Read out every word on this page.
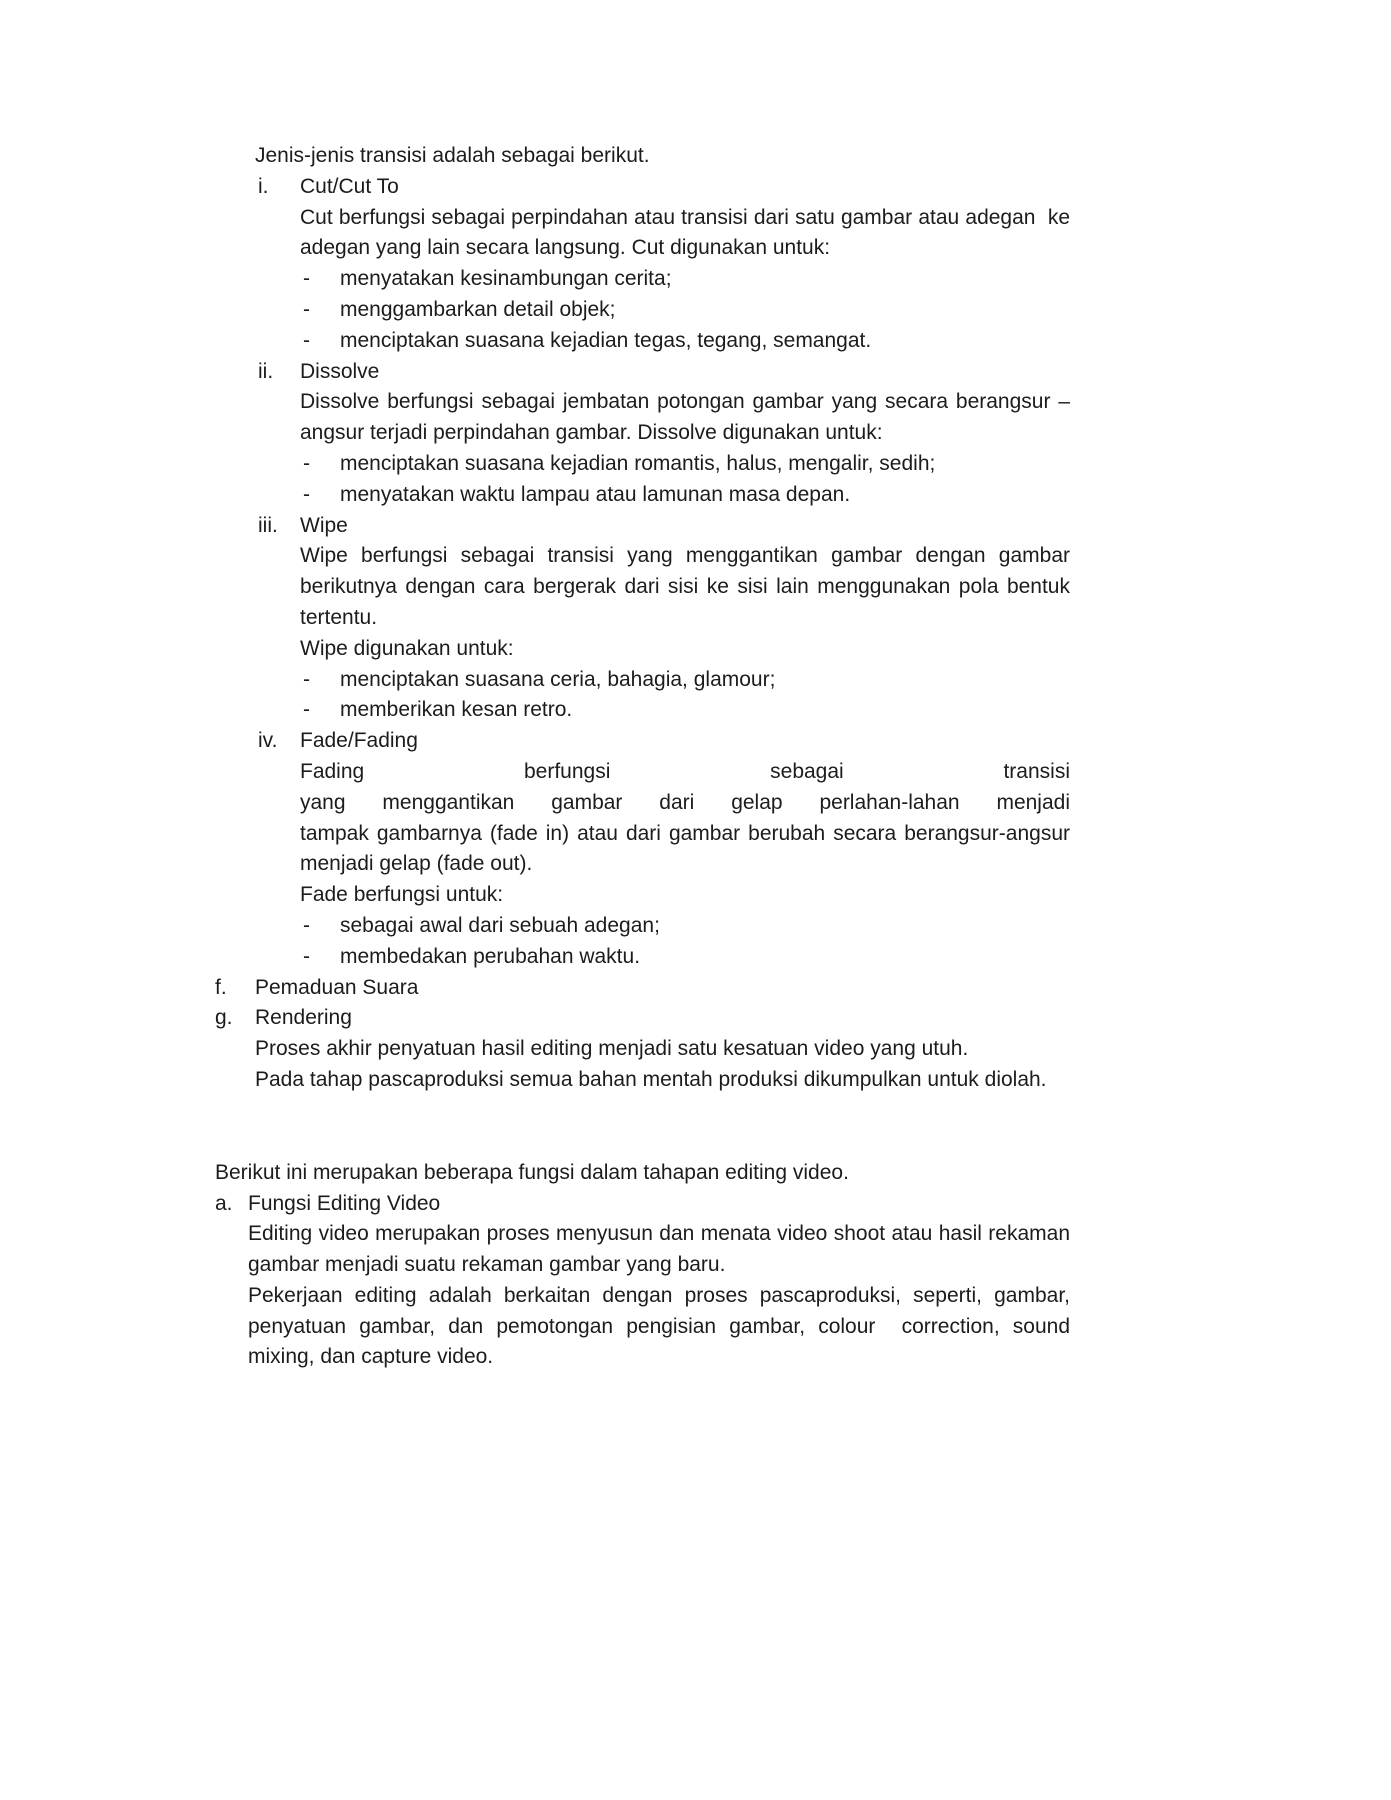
Jenis-jenis transisi adalah sebagai berikut.
i.	Cut/Cut To
Cut berfungsi sebagai perpindahan atau transisi dari satu gambar atau adegan  ke adegan yang lain secara langsung. Cut digunakan untuk:
-	menyatakan kesinambungan cerita;
-	menggambarkan detail objek;
-	menciptakan suasana kejadian tegas, tegang, semangat.
ii.	Dissolve
Dissolve berfungsi sebagai jembatan potongan gambar yang secara berangsur – angsur terjadi perpindahan gambar. Dissolve digunakan untuk:
-	menciptakan suasana kejadian romantis, halus, mengalir, sedih;
-	menyatakan waktu lampau atau lamunan masa depan.
iii.	Wipe
Wipe berfungsi sebagai transisi yang menggantikan gambar dengan gambar berikutnya dengan cara bergerak dari sisi ke sisi lain menggunakan pola bentuk tertentu.
Wipe digunakan untuk:
-	menciptakan suasana ceria, bahagia, glamour;
-	memberikan kesan retro.
iv.	Fade/Fading
Fading berfungsi sebagai transisi
yang menggantikan gambar dari gelap perlahan-lahan menjadi
tampak gambarnya (fade in) atau dari gambar berubah secara berangsur-angsur menjadi gelap (fade out).
Fade berfungsi untuk:
-	sebagai awal dari sebuah adegan;
-	membedakan perubahan waktu.
f.	Pemaduan Suara
g.	Rendering
Proses akhir penyatuan hasil editing menjadi satu kesatuan video yang utuh.
Pada tahap pascaproduksi semua bahan mentah produksi dikumpulkan untuk diolah.
Berikut ini merupakan beberapa fungsi dalam tahapan editing video.
a. Fungsi Editing Video
Editing video merupakan proses menyusun dan menata video shoot atau hasil rekaman gambar menjadi suatu rekaman gambar yang baru.
Pekerjaan editing adalah berkaitan dengan proses pascaproduksi, seperti, gambar, penyatuan gambar, dan pemotongan pengisian gambar, colour  correction, sound mixing, dan capture video.
